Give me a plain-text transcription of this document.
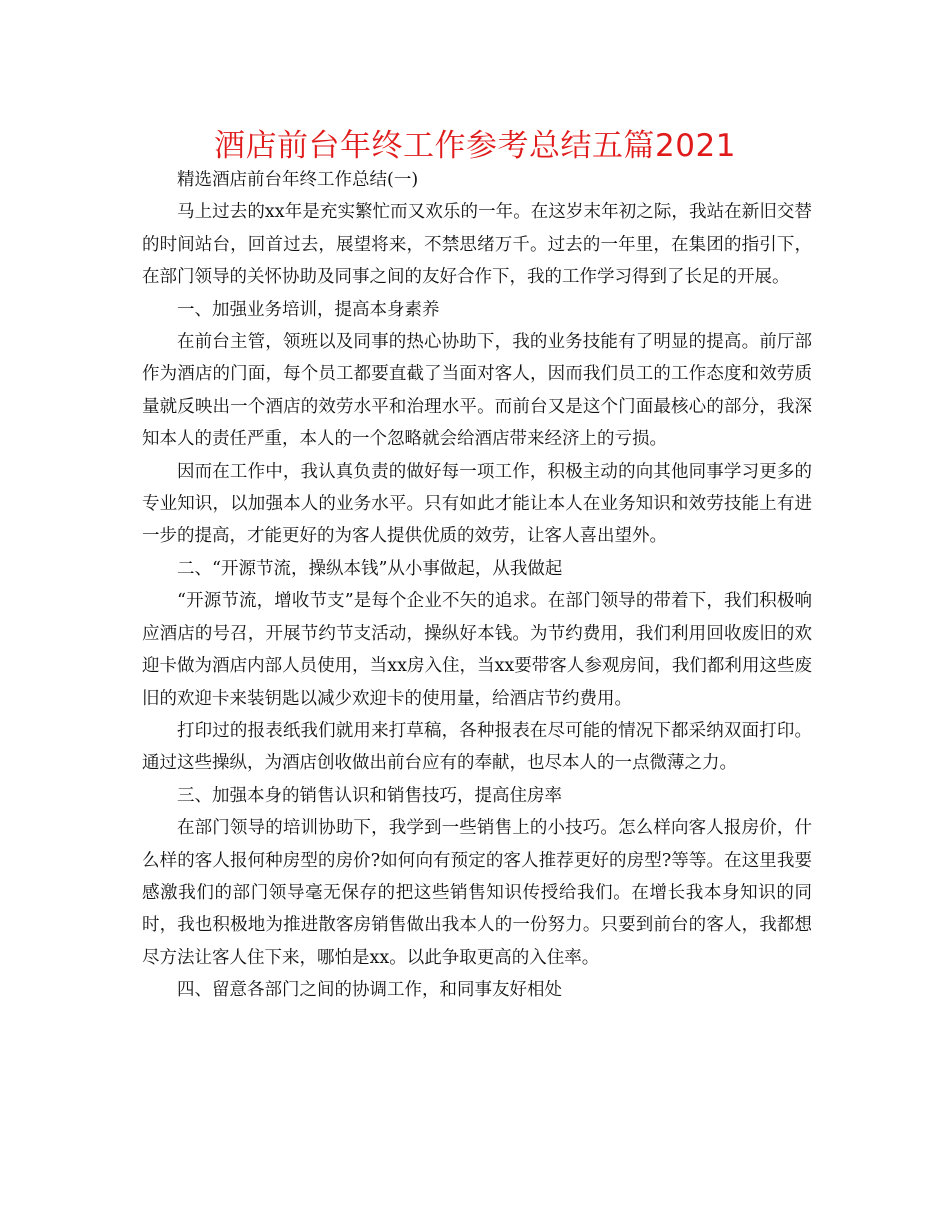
酒店前台年终工作参考总结五篇2021

精选酒店前台年终工作总结(一)

马上过去的xx年是充实繁忙而又欢乐的一年。在这岁末年初之际，我站在新旧交替的时间站台，回首过去，展望将来，不禁思绪万千。过去的一年里，在集团的指引下，在部门领导的关怀协助及同事之间的友好合作下，我的工作学习得到了长足的开展。

一、加强业务培训，提高本身素养

在前台主管，领班以及同事的热心协助下，我的业务技能有了明显的提高。前厅部作为酒店的门面，每个员工都要直截了当面对客人，因而我们员工的工作态度和效劳质量就反映出一个酒店的效劳水平和治理水平。而前台又是这个门面最核心的部分，我深知本人的责任严重，本人的一个忽略就会给酒店带来经济上的亏损。

因而在工作中，我认真负责的做好每一项工作，积极主动的向其他同事学习更多的专业知识，以加强本人的业务水平。只有如此才能让本人在业务知识和效劳技能上有进一步的提高，才能更好的为客人提供优质的效劳，让客人喜出望外。

二、“开源节流，操纵本钱”从小事做起，从我做起

“开源节流，增收节支”是每个企业不矢的追求。在部门领导的带着下，我们积极响应酒店的号召，开展节约节支活动，操纵好本钱。为节约费用，我们利用回收废旧的欢迎卡做为酒店内部人员使用，当xx房入住，当xx要带客人参观房间，我们都利用这些废旧的欢迎卡来装钥匙以减少欢迎卡的使用量，给酒店节约费用。

打印过的报表纸我们就用来打草稿，各种报表在尽可能的情况下都采纳双面打印。通过这些操纵，为酒店创收做出前台应有的奉献，也尽本人的一点微薄之力。

三、加强本身的销售认识和销售技巧，提高住房率

在部门领导的培训协助下，我学到一些销售上的小技巧。怎么样向客人报房价，什么样的客人报何种房型的房价?如何向有预定的客人推荐更好的房型?等等。在这里我要感激我们的部门领导毫无保存的把这些销售知识传授给我们。在增长我本身知识的同时，我也积极地为推进散客房销售做出我本人的一份努力。只要到前台的客人，我都想尽方法让客人住下来，哪怕是xx。以此争取更高的入住率。

四、留意各部门之间的协调工作，和同事友好相处
